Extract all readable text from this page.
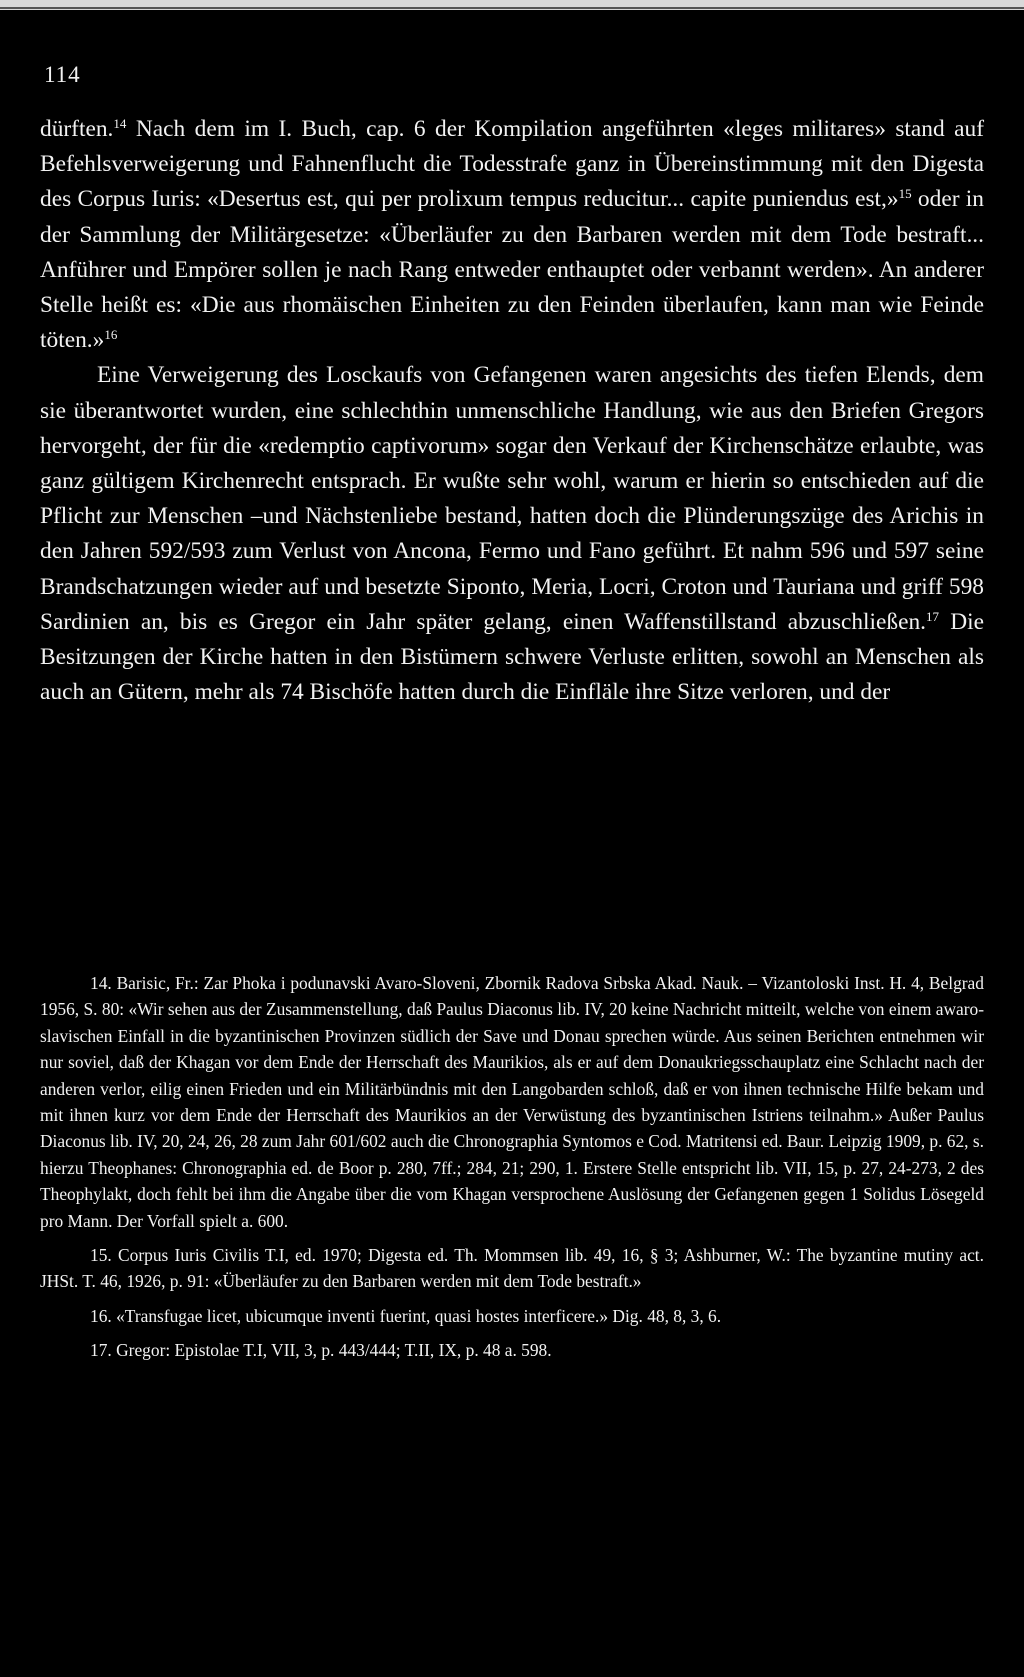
114

dürften.$^{14}$ Nach dem im I. Buch, cap. 6 der Kompilation angeführten «leges militares» stand auf Befehlsverweigerung und Fahnenflucht die Todesstrafe ganz in Übereinstimmung mit den Digesta des Corpus Iuris: «Desertus est, qui per prolixum tempus reducitur... capite puniendus est,»$^{15}$ oder in der Sammlung der Militärgesetze: «Überläufer zu den Barbaren werden mit dem Tode bestraft... Anführer und Empörer sollen je nach Rang entweder enthauptet oder verbannt werden». An anderer Stelle heißt es: «Die aus rhomäischen Einheiten zu den Feinden überlaufen, kann man wie Feinde töten.»$^{16}$

Eine Verweigerung des Losckaufs von Gefangenen waren angesichts des tiefen Elends, dem sie überantwortet wurden, eine schlechthin unmenschliche Handlung, wie aus den Briefen Gregors hervorgeht, der für die «redemptio captivorum» sogar den Verkauf der Kirchenschätze erlaubte, was ganz gültigem Kirchenrecht entsprach. Er wußte sehr wohl, warum er hierin so entschieden auf die Pflicht zur Menschen –und Nächstenliebe bestand, hatten doch die Plünderungszüge des Arichis in den Jahren 592/593 zum Verlust von Ancona, Fermo und Fano geführt. Et nahm 596 und 597 seine Brandschatzungen wieder auf und besetzte Siponto, Meria, Locri, Croton und Tauriana und griff 598 Sardinien an, bis es Gregor ein Jahr später gelang, einen Waffenstillstand abzuschließen.$^{17}$ Die Besitzungen der Kirche hatten in den Bistümern schwere Verluste erlitten, sowohl an Menschen als auch an Gütern, mehr als 74 Bischöfe hatten durch die Einfläle ihre Sitze verloren, und der

14. Barisic, Fr.: Zar Phoka i podunavski Avaro-Sloveni, Zbornik Radova Srbska Akad. Nauk. – Vizantoloski Inst. H. 4, Belgrad 1956, S. 80: «Wir sehen aus der Zusammenstellung, daß Paulus Diaconus lib. IV, 20 keine Nachricht mitteilt, welche von einem awaro-slavischen Einfall in die byzantinischen Provinzen südlich der Save und Donau sprechen würde. Aus seinen Berichten entnehmen wir nur soviel, daß der Khagan vor dem Ende der Herrschaft des Maurikios, als er auf dem Donaukriegsschauplatz eine Schlacht nach der anderen verlor, eilig einen Frieden und ein Militärbündnis mit den Langobarden schloß, daß er von ihnen technische Hilfe bekam und mit ihnen kurz vor dem Ende der Herrschaft des Maurikios an der Verwüstung des byzantinischen Istriens teilnahm.» Außer Paulus Diaconus lib. IV, 20, 24, 26, 28 zum Jahr 601/602 auch die Chronographia Syntomos e Cod. Matritensi ed. Baur. Leipzig 1909, p. 62, s. hierzu Theophanes: Chronographia ed. de Boor p. 280, 7ff.; 284, 21; 290, 1. Erstere Stelle entspricht lib. VII, 15, p. 27, 24-273, 2 des Theophylakt, doch fehlt bei ihm die Angabe über die vom Khagan versprochene Auslösung der Gefangenen gegen 1 Solidus Lösegeld pro Mann. Der Vorfall spielt a. 600.

15. Corpus Iuris Civilis T.I, ed. 1970; Digesta ed. Th. Mommsen lib. 49, 16, § 3; Ashburner, W.: The byzantine mutiny act. JHSt. T. 46, 1926, p. 91: «Überläufer zu den Barbaren werden mit dem Tode bestraft.»

16. «Transfugae licet, ubicumque inventi fuerint, quasi hostes interficere.» Dig. 48, 8, 3, 6.

17. Gregor: Epistolae T.I, VII, 3, p. 443/444; T.II, IX, p. 48 a. 598.
